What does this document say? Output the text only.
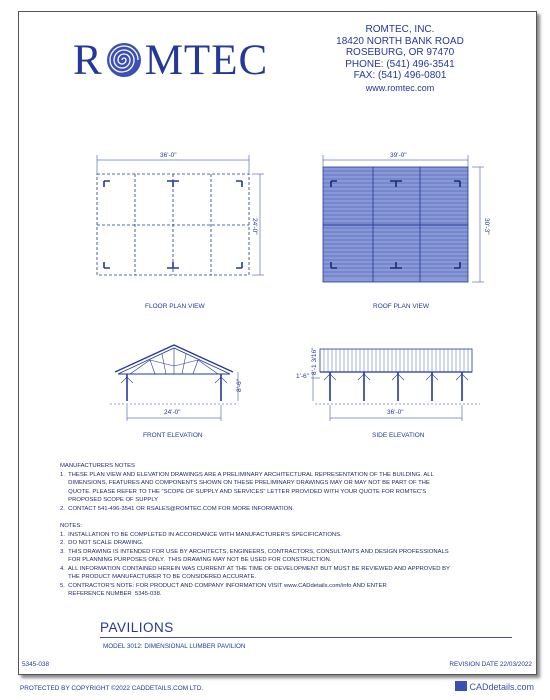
R MTEC
ROMTEC, INC.
18420 NORTH BANK ROAD
ROSEBURG, OR 97470
PHONE: (541) 496-3541
FAX: (541) 496-0801
www.romtec.com
36'-0"
24'-0"
39'-0"
30'-3"
FLOOR PLAN VIEW	ROOF PLAN VIEW
24'-0"
8'-6"
36'-0"
8'-1 3/16"
1'-6"
FRONT ELEVATION	SIDE ELEVATION
MANUFACTURERS NOTES
1.  THESE PLAN VIEW AND ELEVATION DRAWINGS ARE A PRELIMINARY ARCHITECTURAL REPRESENTATION OF THE BUILDING. ALL
DIMENSIONS, FEATURES AND COMPONENTS SHOWN ON THESE PRELIMINARY DRAWINGS MAY OR MAY NOT BE PART OF THE
QUOTE. PLEASE REFER TO THE "SCOPE OF SUPPLY AND SERVICES" LETTER PROVIDED WITH YOUR QUOTE FOR ROMTEC'S
PROPOSED SCOPE OF SUPPLY
2.  CONTACT 541-496-3541 OR RSALES@ROMTEC.COM FOR MORE INFORMATION.
NOTES:
1.  INSTALLATION TO BE COMPLETED IN ACCORDANCE WITH MANUFACTURER'S SPECIFICATIONS.
2.  DO NOT SCALE DRAWING.
3.  THIS DRAWING IS INTENDED FOR USE BY ARCHITECTS, ENGINEERS, CONTRACTORS, CONSULTANTS AND DESIGN PROFESSIONALS
FOR PLANNING PURPOSES ONLY.  THIS DRAWING MAY NOT BE USED FOR CONSTRUCTION.
4.  ALL INFORMATION CONTAINED HEREIN WAS CURRENT AT THE TIME OF DEVELOPMENT BUT MUST BE REVIEWED AND APPROVED BY
THE PRODUCT MANUFACTURER TO BE CONSIDERED ACCURATE.
5.  CONTRACTOR'S NOTE: FOR PRODUCT AND COMPANY INFORMATION VISIT www.CADdetails.com/info AND ENTER
REFERENCE NUMBER  5345-038.
PAVILIONS
MODEL 3012: DIMENSIONAL LUMBER PAVILION
5345-038	REVISION DATE 22/03/2022
PROTECTED BY COPYRIGHT ©2022 CADDETAILS.COM LTD.	CADdetails.com
